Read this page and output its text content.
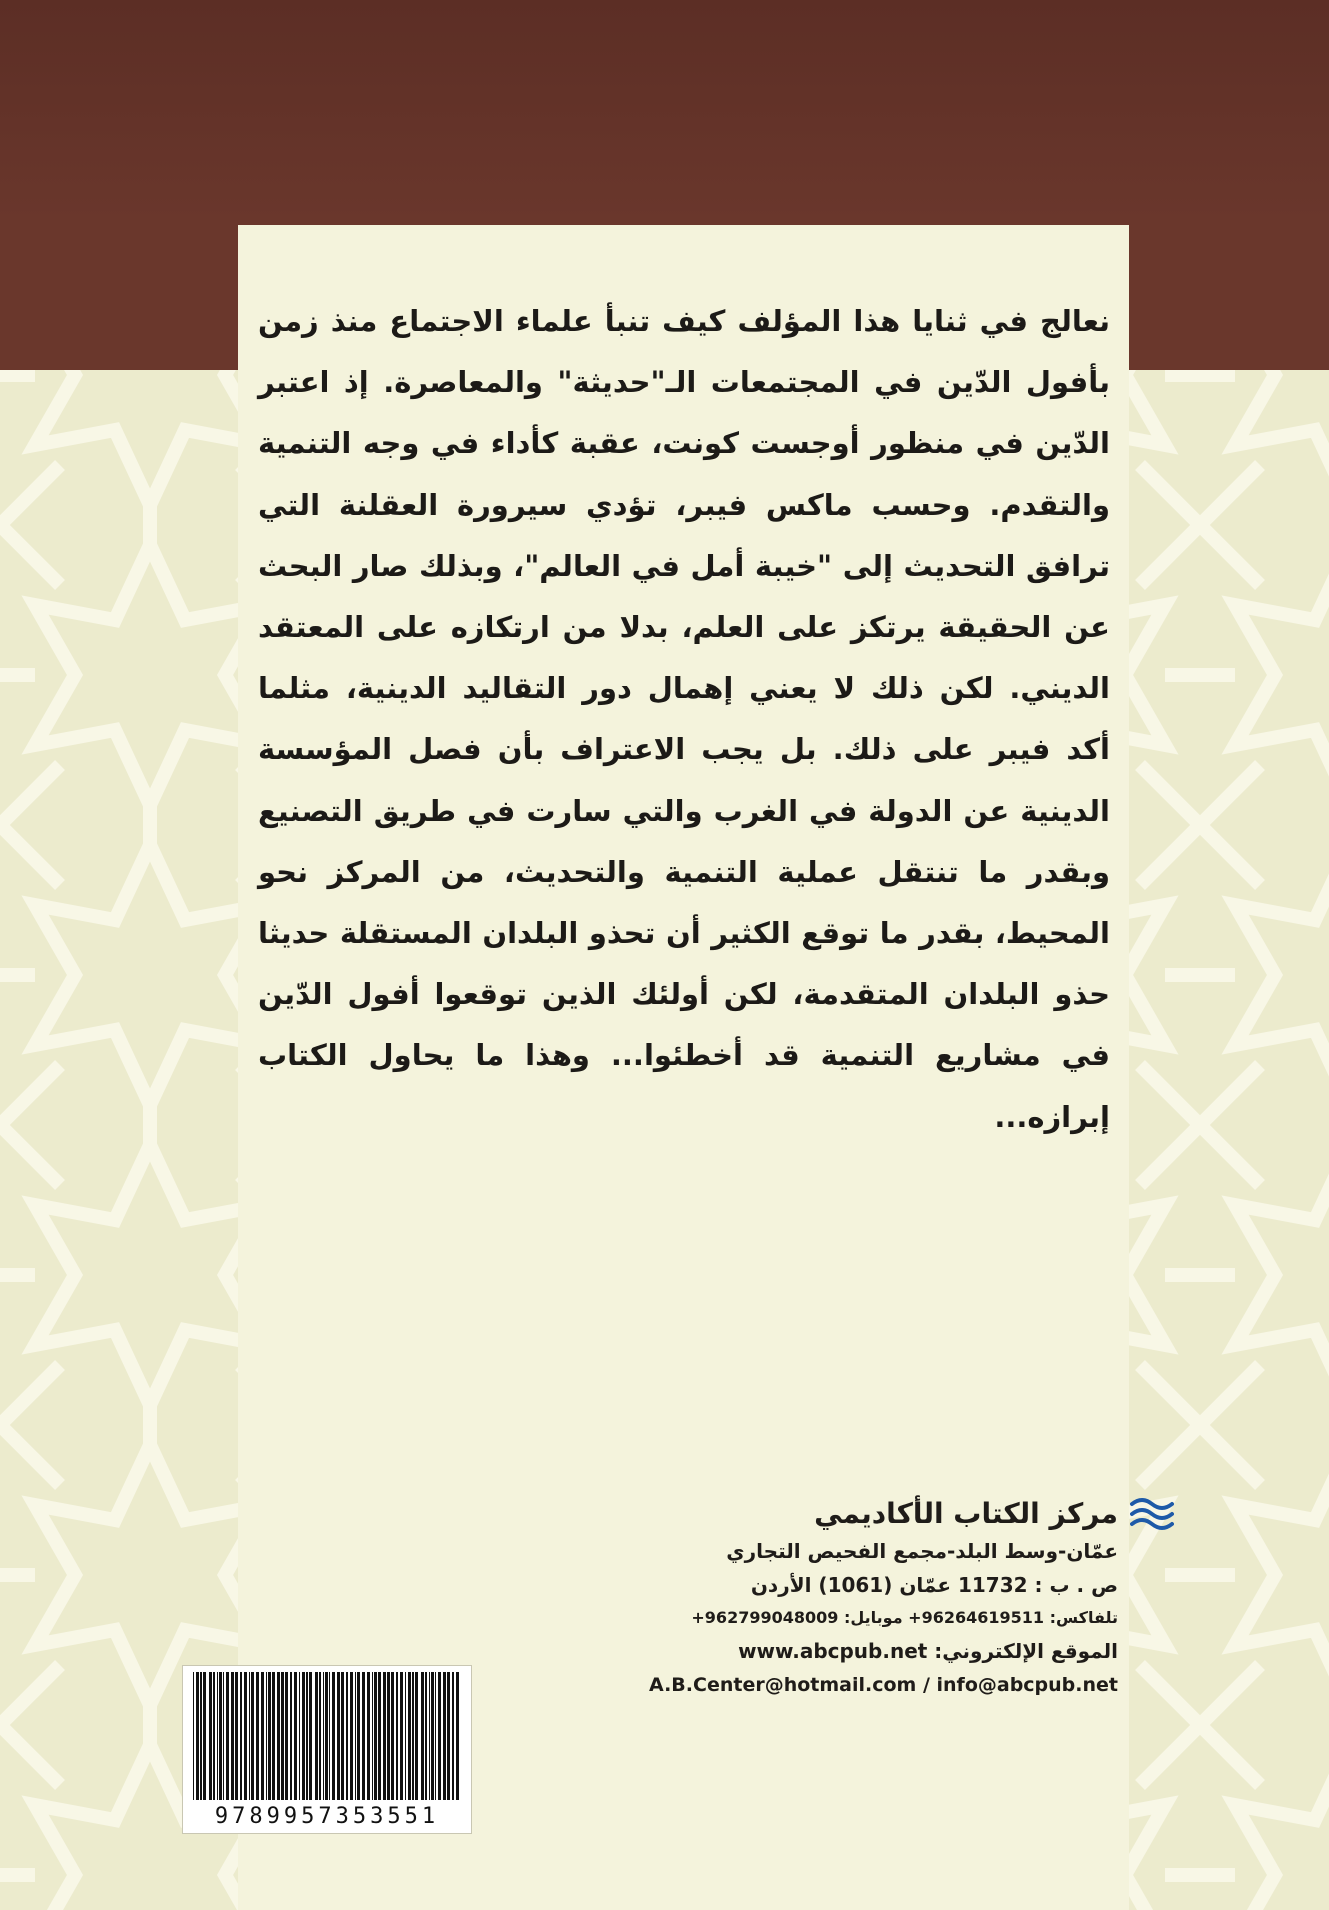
نعالج في ثنايا هذا المؤلف كيف تنبأ علماء الاجتماع منذ زمن بأفول الدّين في المجتمعات الـ"حديثة" والمعاصرة. إذ اعتبر الدّين في منظور أوجست كونت، عقبة كأداء في وجه التنمية والتقدم. وحسب ماكس فيبر، تؤدي سيرورة العقلنة التي ترافق التحديث إلى "خيبة أمل في العالم"، وبذلك صار البحث عن الحقيقة يرتكز على العلم، بدلا من ارتكازه على المعتقد الديني. لكن ذلك لا يعني إهمال دور التقاليد الدينية، مثلما أكد فيبر على ذلك. بل يجب الاعتراف بأن فصل المؤسسة الدينية عن الدولة في الغرب والتي سارت في طريق التصنيع وبقدر ما تنتقل عملية التنمية والتحديث، من المركز نحو المحيط، بقدر ما توقع الكثير أن تحذو البلدان المستقلة حديثا حذو البلدان المتقدمة، لكن أولئك الذين توقعوا أفول الدّين في مشاريع التنمية قد أخطئوا... وهذا ما يحاول الكتاب إبرازه...

مركز الكتاب الأكاديمي
عمّان-وسط البلد-مجمع الفحيص التجاري
ص . ب : 11732 عمّان (1061) الأردن
تلفاكس: 96264619511+ موبايل: 962799048009+
الموقع الإلكتروني: www.abcpub.net
A.B.Center@hotmail.com / info@abcpub.net
9789957353551
